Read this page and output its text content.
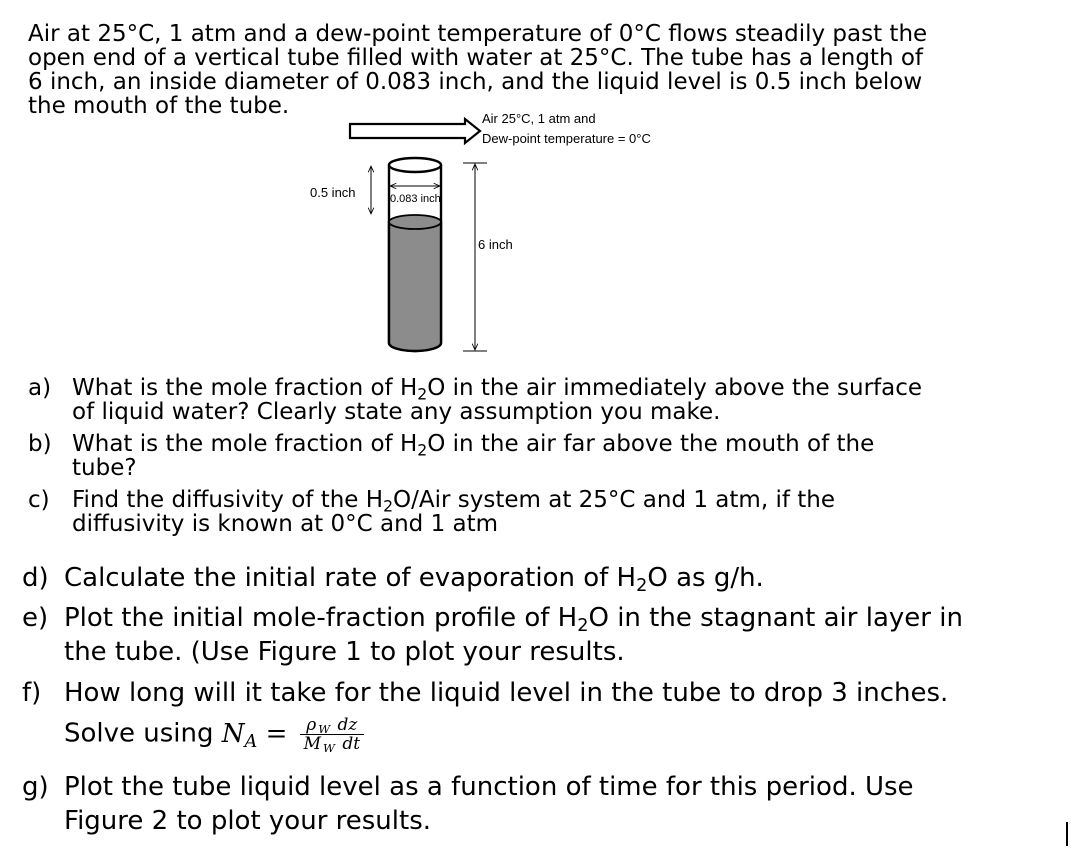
Air at 25°C, 1 atm and a dew-point temperature of 0°C flows steadily past the
open end of a vertical tube filled with water at 25°C. The tube has a length of
6 inch, an inside diameter of 0.083 inch, and the liquid level is 0.5 inch below
the mouth of the tube.	Air 25°C, 1 atm and
Dew-point temperature = 0°C
0.5 inch	0.083 inch
6 inch
a) What is the mole fraction of $H_2O$ in the air immediately above the surface
of liquid water? Clearly state any assumption you make.
b) What is the mole fraction of $H_2O$ in the air far above the mouth of the
tube?
c) Find the diffusivity of the $H_2O$/Air system at 25°C and 1 atm, if the
diffusivity is known at 0°C and 1 atm
d) Calculate the initial rate of evaporation of $H_2O$ as g/h.
e) Plot the initial mole-fraction profile of $H_2O$ in the stagnant air layer in
the tube. (Use Figure 1 to plot your results.
f) How long will it take for the liquid level in the tube to drop 3 inches.
Solve using $N_A = \frac{\rho _W dz}{M _W dt}$
g) Plot the tube liquid level as a function of time for this period. Use
Figure 2 to plot your results.
